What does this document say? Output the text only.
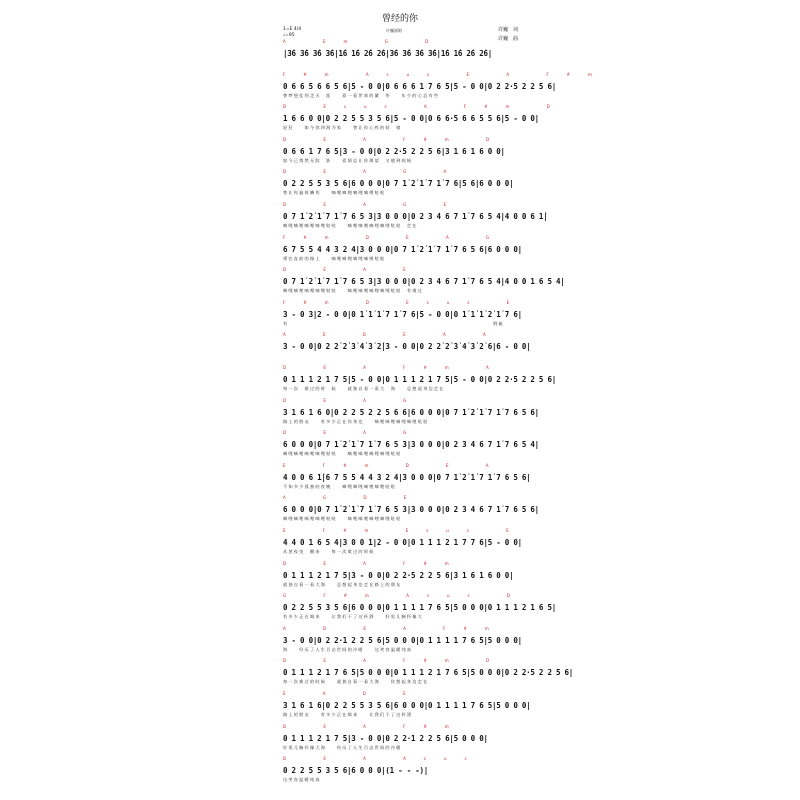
曾经的你
许巍　词
许巍　曲
1=E 4/4
♩=95
许巍演唱
A Em G D
|3̇6 3̇6 3̇6 3̇6|1̇6 1̇6 2̇6 2̇6|3̇6 3̇6 3̇6 3̇6|1̇6 1̇6 2̇6 2̇6|
F#m Asus E A F#m
0 6 6 5 6 6 5 6|5 - 0 0|0 6 6 6 1 7 6 5|5 - 0 0|0 2 2·5 2 2 5 6|
曾梦想仗剑走天　涯　　看一看世界的繁　华　　年少的心总有些
D Esus A F#m D
1 6 6 0 0|0 2 2 5 5 3 5 6|5 - 0 0|0 6 6·5 6 6 5 5 6|5 - 0 0|
轻狂　　如今你四海为家　　曾让你心疼的姑　娘
D E A F#m D
0 6 6 1 7 6 5|3 - 0 0|0 2 2·5 2 2 5 6|3 1 6 1 6 0 0|
如今已悄然无踪　影　　爱情总让你渴望　又感到烦恼
D E A G A
0 2 2 5 5 3 5 6|6 0 0 0|0 7 1̇ 2̇ 1̇ 7 1̇ 7 6|5 6|6 0 0 0|
曾让你遍体鳞伤　　嘀哩嘀哩嘀哩嘀哩哒哒
D E A G E
0 7 1̇ 2̇ 1̇ 7 1̇ 7 6 5 3|3 0 0 0|0 2 3 4 6 7 1̇ 7 6 5 4|4 0 0 6 1̇|
嘀哩嘀哩嘀哩嘀哩哒哒　　嘀哩嘀哩嘀哩嘀哩哒哒　走在
F#m D E A G
6 7 5 5 4 4 3 2 4|3 0 0 0|0 7 1̇ 2̇ 1̇ 7 1̇ 7 6 5 6|6 0 0 0|
勇往直前的路上　　嘀哩嘀哩嘀哩嘀哩哒哒
D E A E
0 7 1̇ 2̇ 1̇ 7 1̇ 7 6 5 3|3 0 0 0|0 2 3 4 6 7 1̇ 7 6 5 4|4 0 0 1 6 5 4|
嘀哩嘀哩嘀哩嘀哩哒哒　　嘀哩嘀哩嘀哩嘀哩哒哒　有难过
F#m D Esus E
3 - 0 3|2 - 0 0|0 1̇ 1̇ 1̇ 7 1̇ 7 6|5 - 0 0|0 1̇ 1̇ 1̇ 2̇ 1̇ 7 6|
有　　　　　　　　　　　　　　　　　　　　　　　　　　　　　　　　　　　　　　瑕疵
A E D E A A
3 - 0 0|0 2 2̇ 2̇ 3̇ 4̇ 3̇ 2̇|3 - 0 0|0 2 2̇ 2̇ 3̇ 4̇ 3̇ 2̇ 6|6 - 0 0|
D E A F#m A
0 1 1 1 2 1 7 5|5 - 0 0|0 1 1 1 2 1 7 5|5 - 0 0|0 2 2·5 2 2 5 6|
每一次　难过的时　候　　就独自看一看大　海　　总想起身边走在
D E A G
3 1 6 1 6 0|0 2 2 5 2 2 5 6 6|6 0 0 0|0 7 1̇ 2̇ 1̇ 7 1̇ 7 6 5 6|
路上的朋友　　有多少正在你身边　　嘀哩嘀哩嘀哩嘀哩哒哒
D E A G
6 0 0 0|0 7 1̇ 2̇ 1̇ 7 1̇ 7 6 5 3|3 0 0 0|0 2 3 4 6 7 1̇ 7 6 5 4|
嘀哩嘀哩嘀哩嘀哩哒哒　　嘀哩嘀哩嘀哩嘀哩哒哒
E F#m D E A
4 0 0 6 1̇|6 7 5 5 4 4 3 2 4|3 0 0 0|0 7 1̇ 2̇ 1̇ 7 1̇ 7 6 5 6|
不知多少孤独的夜晚　　嘀哩嘀哩嘀哩嘀哩哒哒
A G D E
6 0 0 0|0 7 1̇ 2̇ 1̇ 7 1̇ 7 6 5 3|3 0 0 0|0 2 3 4 6 7 1̇ 7 6 5 6|
嘀哩嘀哩嘀哩嘀哩哒哒　　嘀哩嘀哩嘀哩嘀哩哒哒
E F#m Esus E
4 4 0 1 6 5 4|3 0 0 1|2 - 0 0|0 1 1 1 2 1 7 7 6|5 - 0 0|
从黑夜里　醒来　　每一次难过的时候
D E A F#m
0 1 1 1 2 1 7 5|3 - 0 0|0 2 2·5 2 2 5 6|3 1 6 1 6 0 0|
就独自看一看大海　　总想起身边走在路上的朋友
G F#m Asus D
0 2 2 5 5 3 5 6|6 0 0 0|0 1 1 1 1 7 6 5|5 0 0 0|0 1 1 1 2 1 6 5|
有多少正在喝来　　让我们干了这杯酒　　好男儿胸怀像大
A D E A F#m
3 - 0 0|0 2 2·1 2 2 5 6|5 0 0 0|0 1 1 1 1 7 6 5|5 0 0 0|
海　　经历了人生百态世间的冷暖　　这笑容温暖纯真
D E A F#m D
0 1 1 1 2 1 7 6 5|5 0 0 0|0 1 1 1 2 1 7 6 5|5 0 0 0|0 2 2·5 2 2 5 6|
每一次难过的时候　　就独自看一看大海　　你想起身边走在
E A D E
3 1 6 1 6|0 2 2 5 5 3 5 6|6 0 0 0|0 1 1 1 1 7 6 5|5 0 0 0|
路上的朋友　　有多少正在喝来　　让我们干了这杯酒
D E A F#m
0 1 1 1 2 1 7 5|3 - 0 0|0 2 2·1 2 2 5 6|5 0 0 0|
好男儿胸怀像大海　　经历了人生百态世间的冷暖
D E A Asus
0 2 2 5 5 3 5 6|6 0 0 0|(1 - - -)|
这笑容温暖纯真
